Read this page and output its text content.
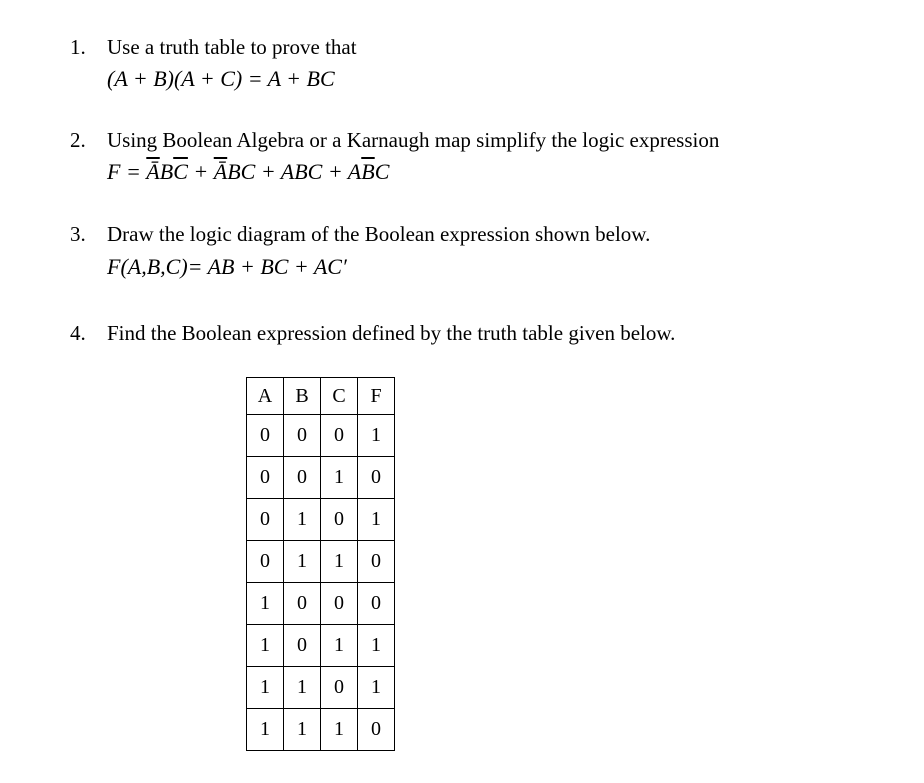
1. Use a truth table to prove that
(A + B)(A + C) = A + BC
2. Using Boolean Algebra or a Karnaugh map simplify the logic expression
$F = \overline{Ā}B\overline{C} + \overline{Ā}BC$ + ABC + $A\overline{B}C$
3. Draw the logic diagram of the Boolean expression shown below.
F(A,B,C)= AB + BC + AC′
4. Find the Boolean expression defined by the truth table given below.
A	B	C	F
0	0	0	1
0	0	1	0
0	1	0	1
0	1	1	0
1	0	0	0
1	0	1	1
1	1	0	1
1	1	1	0
